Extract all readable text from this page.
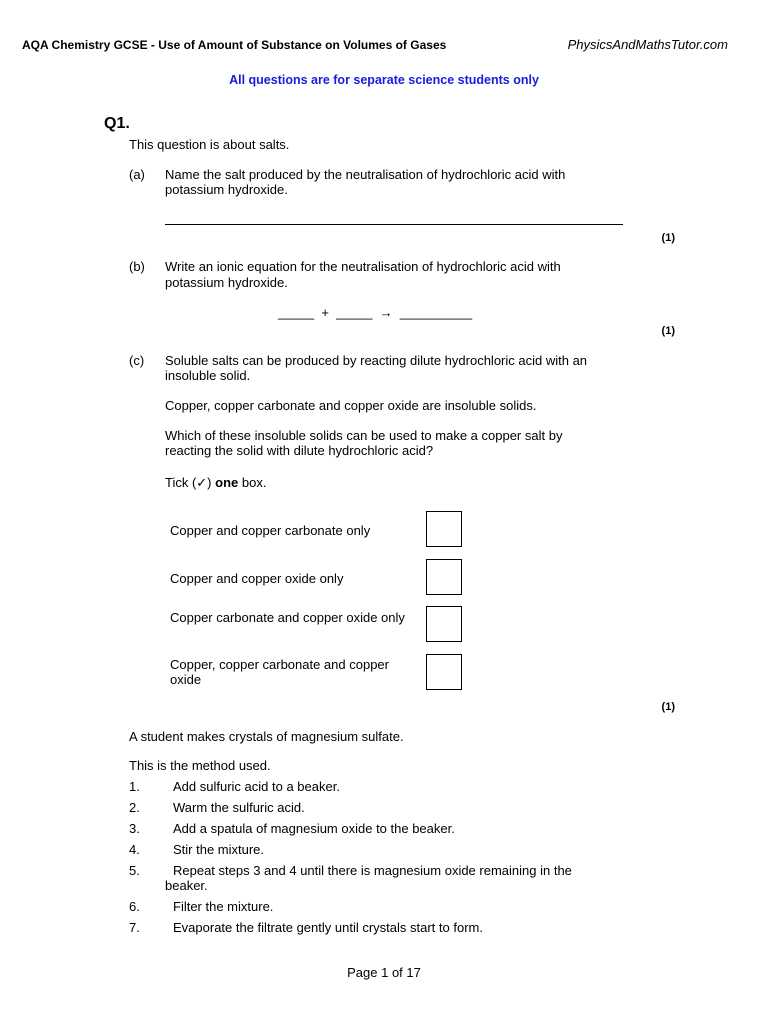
AQA Chemistry GCSE - Use of Amount of Substance on Volumes of Gases	PhysicsAndMathsTutor.com
All questions are for separate science students only
Q1.
This question is about salts.
(a) Name the salt produced by the neutralisation of hydrochloric acid with
potassium hydroxide.
(1)
(b) Write an ionic equation for the neutralisation of hydrochloric acid with
potassium hydroxide.
_____  +  _____  →  __________
(1)
(c) Soluble salts can be produced by reacting dilute hydrochloric acid with an
insoluble solid.
Copper, copper carbonate and copper oxide are insoluble solids.
Which of these insoluble solids can be used to make a copper salt by
reacting the solid with dilute hydrochloric acid?
Tick (✓) one box.
Copper and copper carbonate only
Copper and copper oxide only
Copper carbonate and copper oxide only
Copper, copper carbonate and copper oxide
(1)
A student makes crystals of magnesium sulfate.
This is the method used.
1.	Add sulfuric acid to a beaker.
2.	Warm the sulfuric acid.
3.	Add a spatula of magnesium oxide to the beaker.
4.	Stir the mixture.
5.	Repeat steps 3 and 4 until there is magnesium oxide remaining in the
beaker.
6.	Filter the mixture.
7.	Evaporate the filtrate gently until crystals start to form.
Page 1 of 17
